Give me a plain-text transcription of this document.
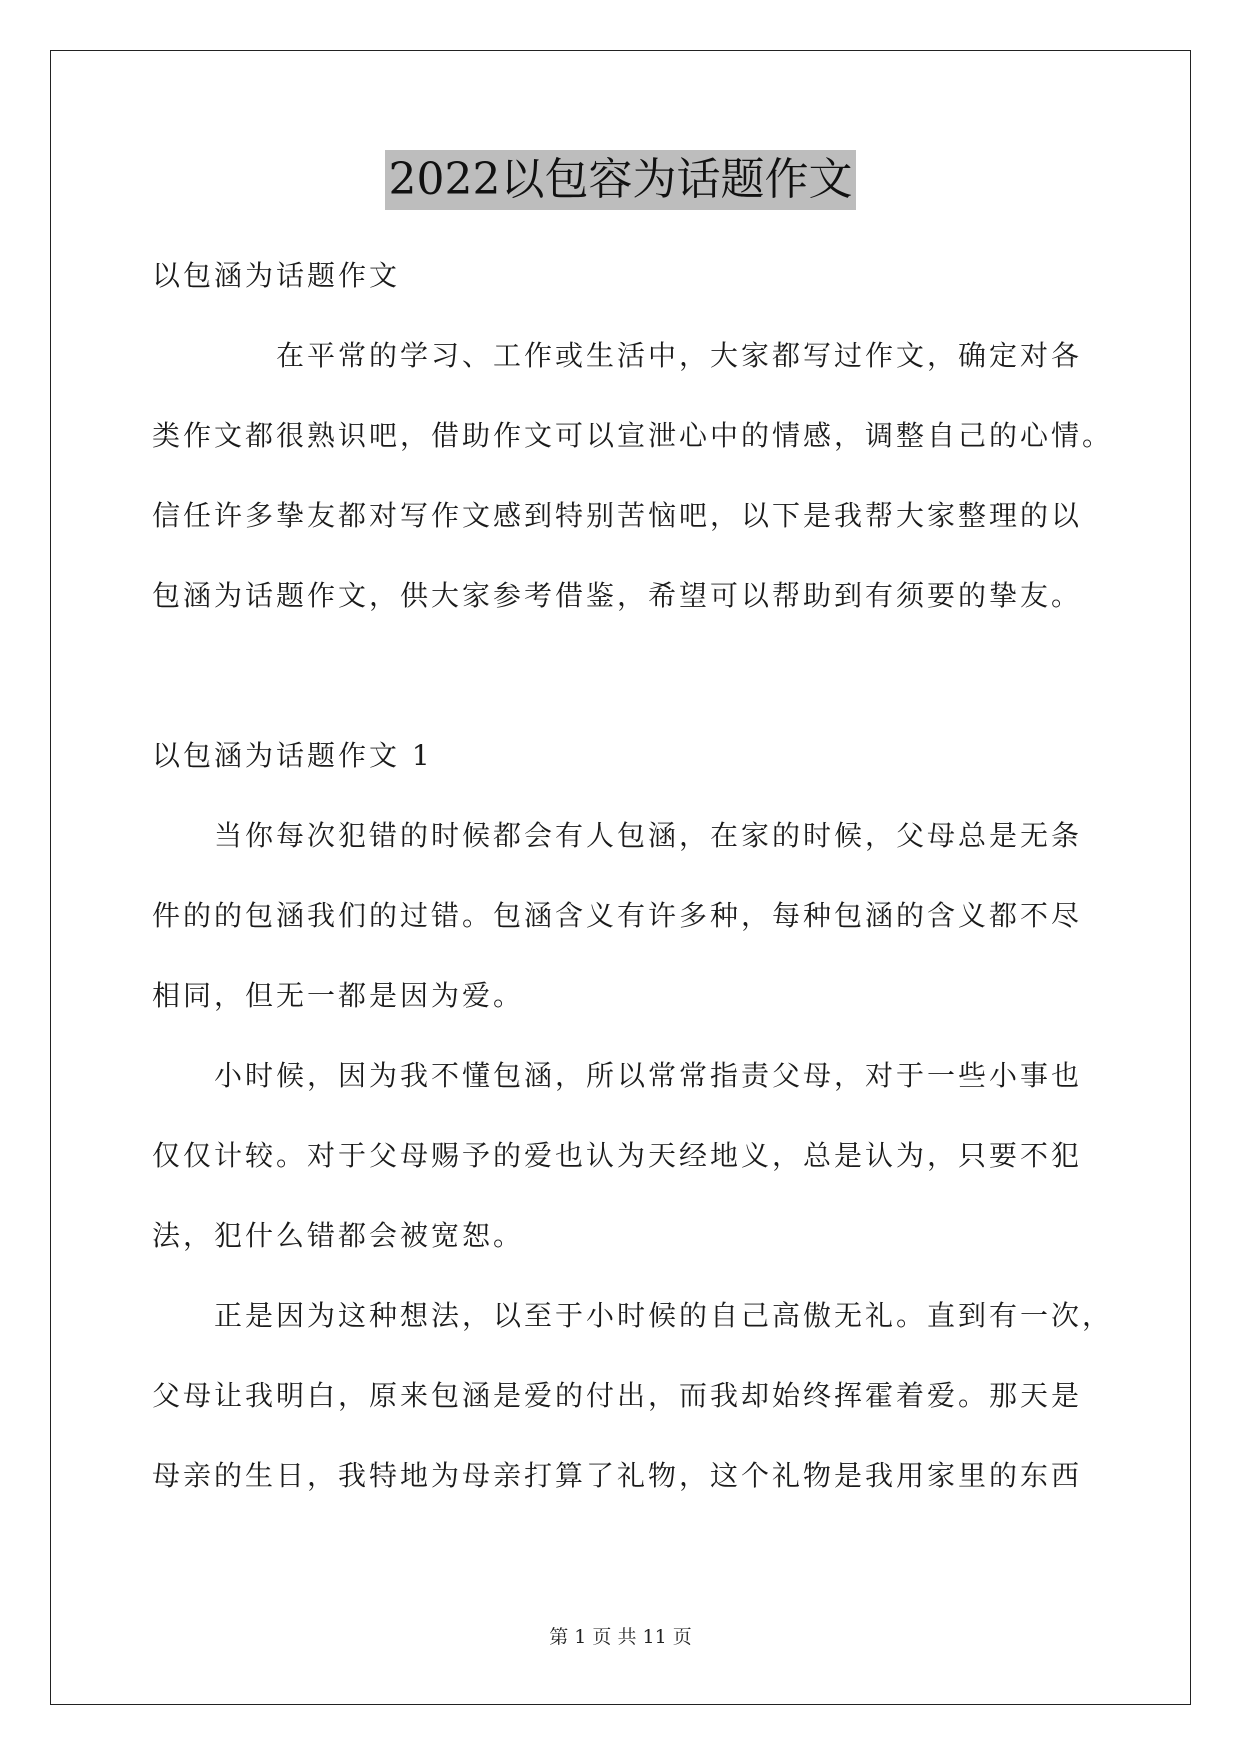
2022以包容为话题作文
以包涵为话题作文
在平常的学习、工作或生活中，大家都写过作文，确定对各
类作文都很熟识吧，借助作文可以宣泄心中的情感，调整自己的心情。
信任许多挚友都对写作文感到特别苦恼吧，以下是我帮大家整理的以
包涵为话题作文，供大家参考借鉴，希望可以帮助到有须要的挚友。
以包涵为话题作文 1
当你每次犯错的时候都会有人包涵，在家的时候，父母总是无条
件的的包涵我们的过错。包涵含义有许多种，每种包涵的含义都不尽
相同，但无一都是因为爱。
小时候，因为我不懂包涵，所以常常指责父母，对于一些小事也
仅仅计较。对于父母赐予的爱也认为天经地义，总是认为，只要不犯
法，犯什么错都会被宽恕。
正是因为这种想法，以至于小时候的自己高傲无礼。直到有一次，
父母让我明白，原来包涵是爱的付出，而我却始终挥霍着爱。那天是
母亲的生日，我特地为母亲打算了礼物，这个礼物是我用家里的东西
第 1 页 共 11 页
